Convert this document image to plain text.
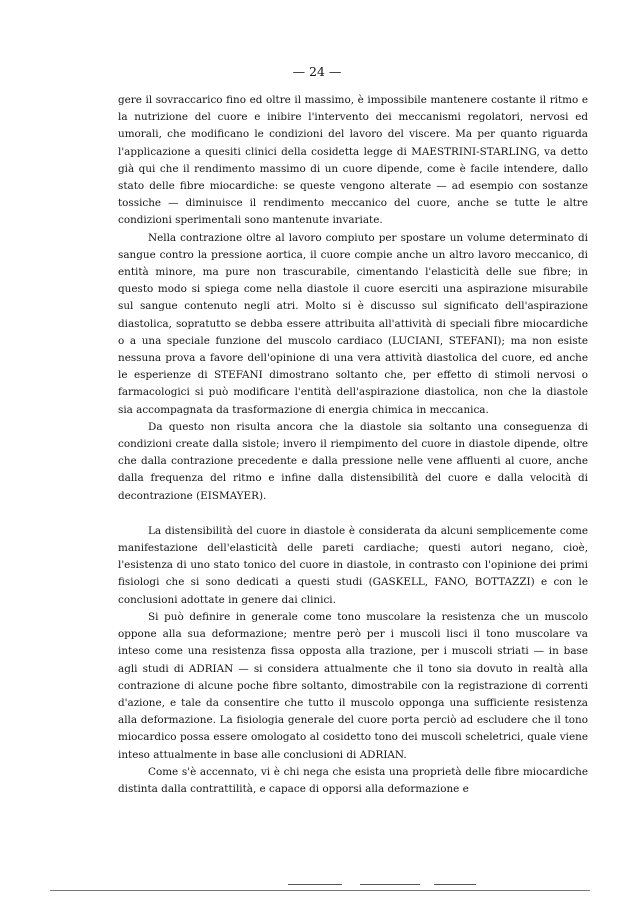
— 24 —

gere il sovraccarico fino ed oltre il massimo, è impossibile mantenere costante il ritmo e la nutrizione del cuore e inibire l'intervento dei meccanismi regolatori, nervosi ed umorali, che modificano le condizioni del lavoro del viscere. Ma per quanto riguarda l'applicazione a quesiti clinici della cosidetta legge di MAESTRINI-STARLING, va detto già qui che il rendimento massimo di un cuore dipende, come è facile intendere, dallo stato delle fibre miocardiche: se queste vengono alterate — ad esempio con sostanze tossiche — diminuisce il rendimento meccanico del cuore, anche se tutte le altre condizioni sperimentali sono mantenute invariate.

Nella contrazione oltre al lavoro compiuto per spostare un volume determinato di sangue contro la pressione aortica, il cuore compie anche un altro lavoro meccanico, di entità minore, ma pure non trascurabile, cimentando l'elasticità delle sue fibre; in questo modo si spiega come nella diastole il cuore eserciti una aspirazione misurabile sul sangue contenuto negli atri. Molto si è discusso sul significato dell'aspirazione diastolica, sopratutto se debba essere attribuita all'attività di speciali fibre miocardiche o a una speciale funzione del muscolo cardiaco (LUCIANI, STEFANI); ma non esiste nessuna prova a favore dell'opinione di una vera attività diastolica del cuore, ed anche le esperienze di STEFANI dimostrano soltanto che, per effetto di stimoli nervosi o farmacologici si può modificare l'entità dell'aspirazione diastolica, non che la diastole sia accompagnata da trasformazione di energia chimica in meccanica.

Da questo non risulta ancora che la diastole sia soltanto una conseguenza di condizioni create dalla sistole; invero il riempimento del cuore in diastole dipende, oltre che dalla contrazione precedente e dalla pressione nelle vene affluenti al cuore, anche dalla frequenza del ritmo e infine dalla distensibilità del cuore e dalla velocità di decontrazione (EISMAYER).

La distensibilità del cuore in diastole è considerata da alcuni semplicemente come manifestazione dell'elasticità delle pareti cardiache; questi autori negano, cioè, l'esistenza di uno stato tonico del cuore in diastole, in contrasto con l'opinione dei primi fisiologi che si sono dedicati a questi studi (GASKELL, FANO, BOTTAZZI) e con le conclusioni adottate in genere dai clinici.

Si può definire in generale come tono muscolare la resistenza che un muscolo oppone alla sua deformazione; mentre però per i muscoli lisci il tono muscolare va inteso come una resistenza fissa opposta alla trazione, per i muscoli striati — in base agli studi di ADRIAN — si considera attualmente che il tono sia dovuto in realtà alla contrazione di alcune poche fibre soltanto, dimostrabile con la registrazione di correnti d'azione, e tale da consentire che tutto il muscolo opponga una sufficiente resistenza alla deformazione. La fisiologia generale del cuore porta perciò ad escludere che il tono miocardico possa essere omologato al cosidetto tono dei muscoli scheletrici, quale viene inteso attualmente in base alle conclusioni di ADRIAN.

Come s'è accennato, vi è chi nega che esista una proprietà delle fibre miocardiche distinta dalla contrattilità, e capace di opporsi alla deformazione e
